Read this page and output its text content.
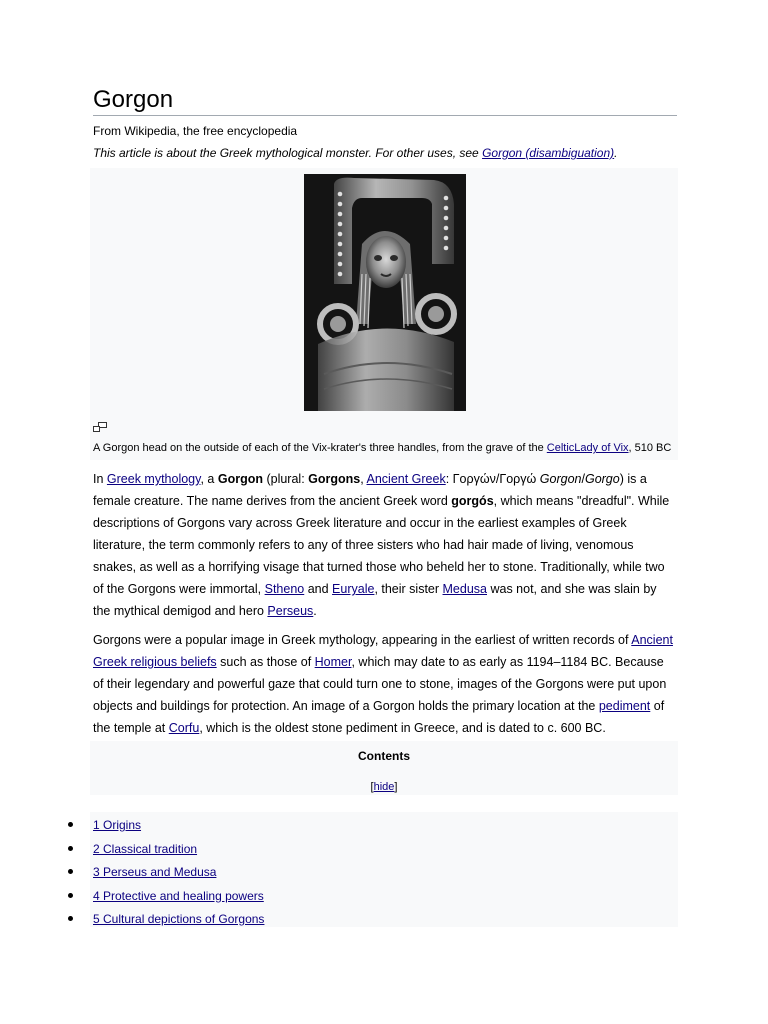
Gorgon
From Wikipedia, the free encyclopedia
This article is about the Greek mythological monster. For other uses, see Gorgon (disambiguation).
A Gorgon head on the outside of each of the Vix-krater's three handles, from the grave of the CelticLady of Vix, 510 BC

In Greek mythology, a Gorgon (plural: Gorgons, Ancient Greek: Γοργών/Γοργώ Gorgon/Gorgo) is a female creature. The name derives from the ancient Greek word gorgós, which means "dreadful". While descriptions of Gorgons vary across Greek literature and occur in the earliest examples of Greek literature, the term commonly refers to any of three sisters who had hair made of living, venomous snakes, as well as a horrifying visage that turned those who beheld her to stone. Traditionally, while two of the Gorgons were immortal, Stheno and Euryale, their sister Medusa was not, and she was slain by the mythical demigod and hero Perseus.

Gorgons were a popular image in Greek mythology, appearing in the earliest of written records of Ancient Greek religious beliefs such as those of Homer, which may date to as early as 1194–1184 BC. Because of their legendary and powerful gaze that could turn one to stone, images of the Gorgons were put upon objects and buildings for protection. An image of a Gorgon holds the primary location at the pediment of the temple at Corfu, which is the oldest stone pediment in Greece, and is dated to c. 600 BC.

Contents
[hide]
1 Origins
2 Classical tradition
3 Perseus and Medusa
4 Protective and healing powers
5 Cultural depictions of Gorgons
